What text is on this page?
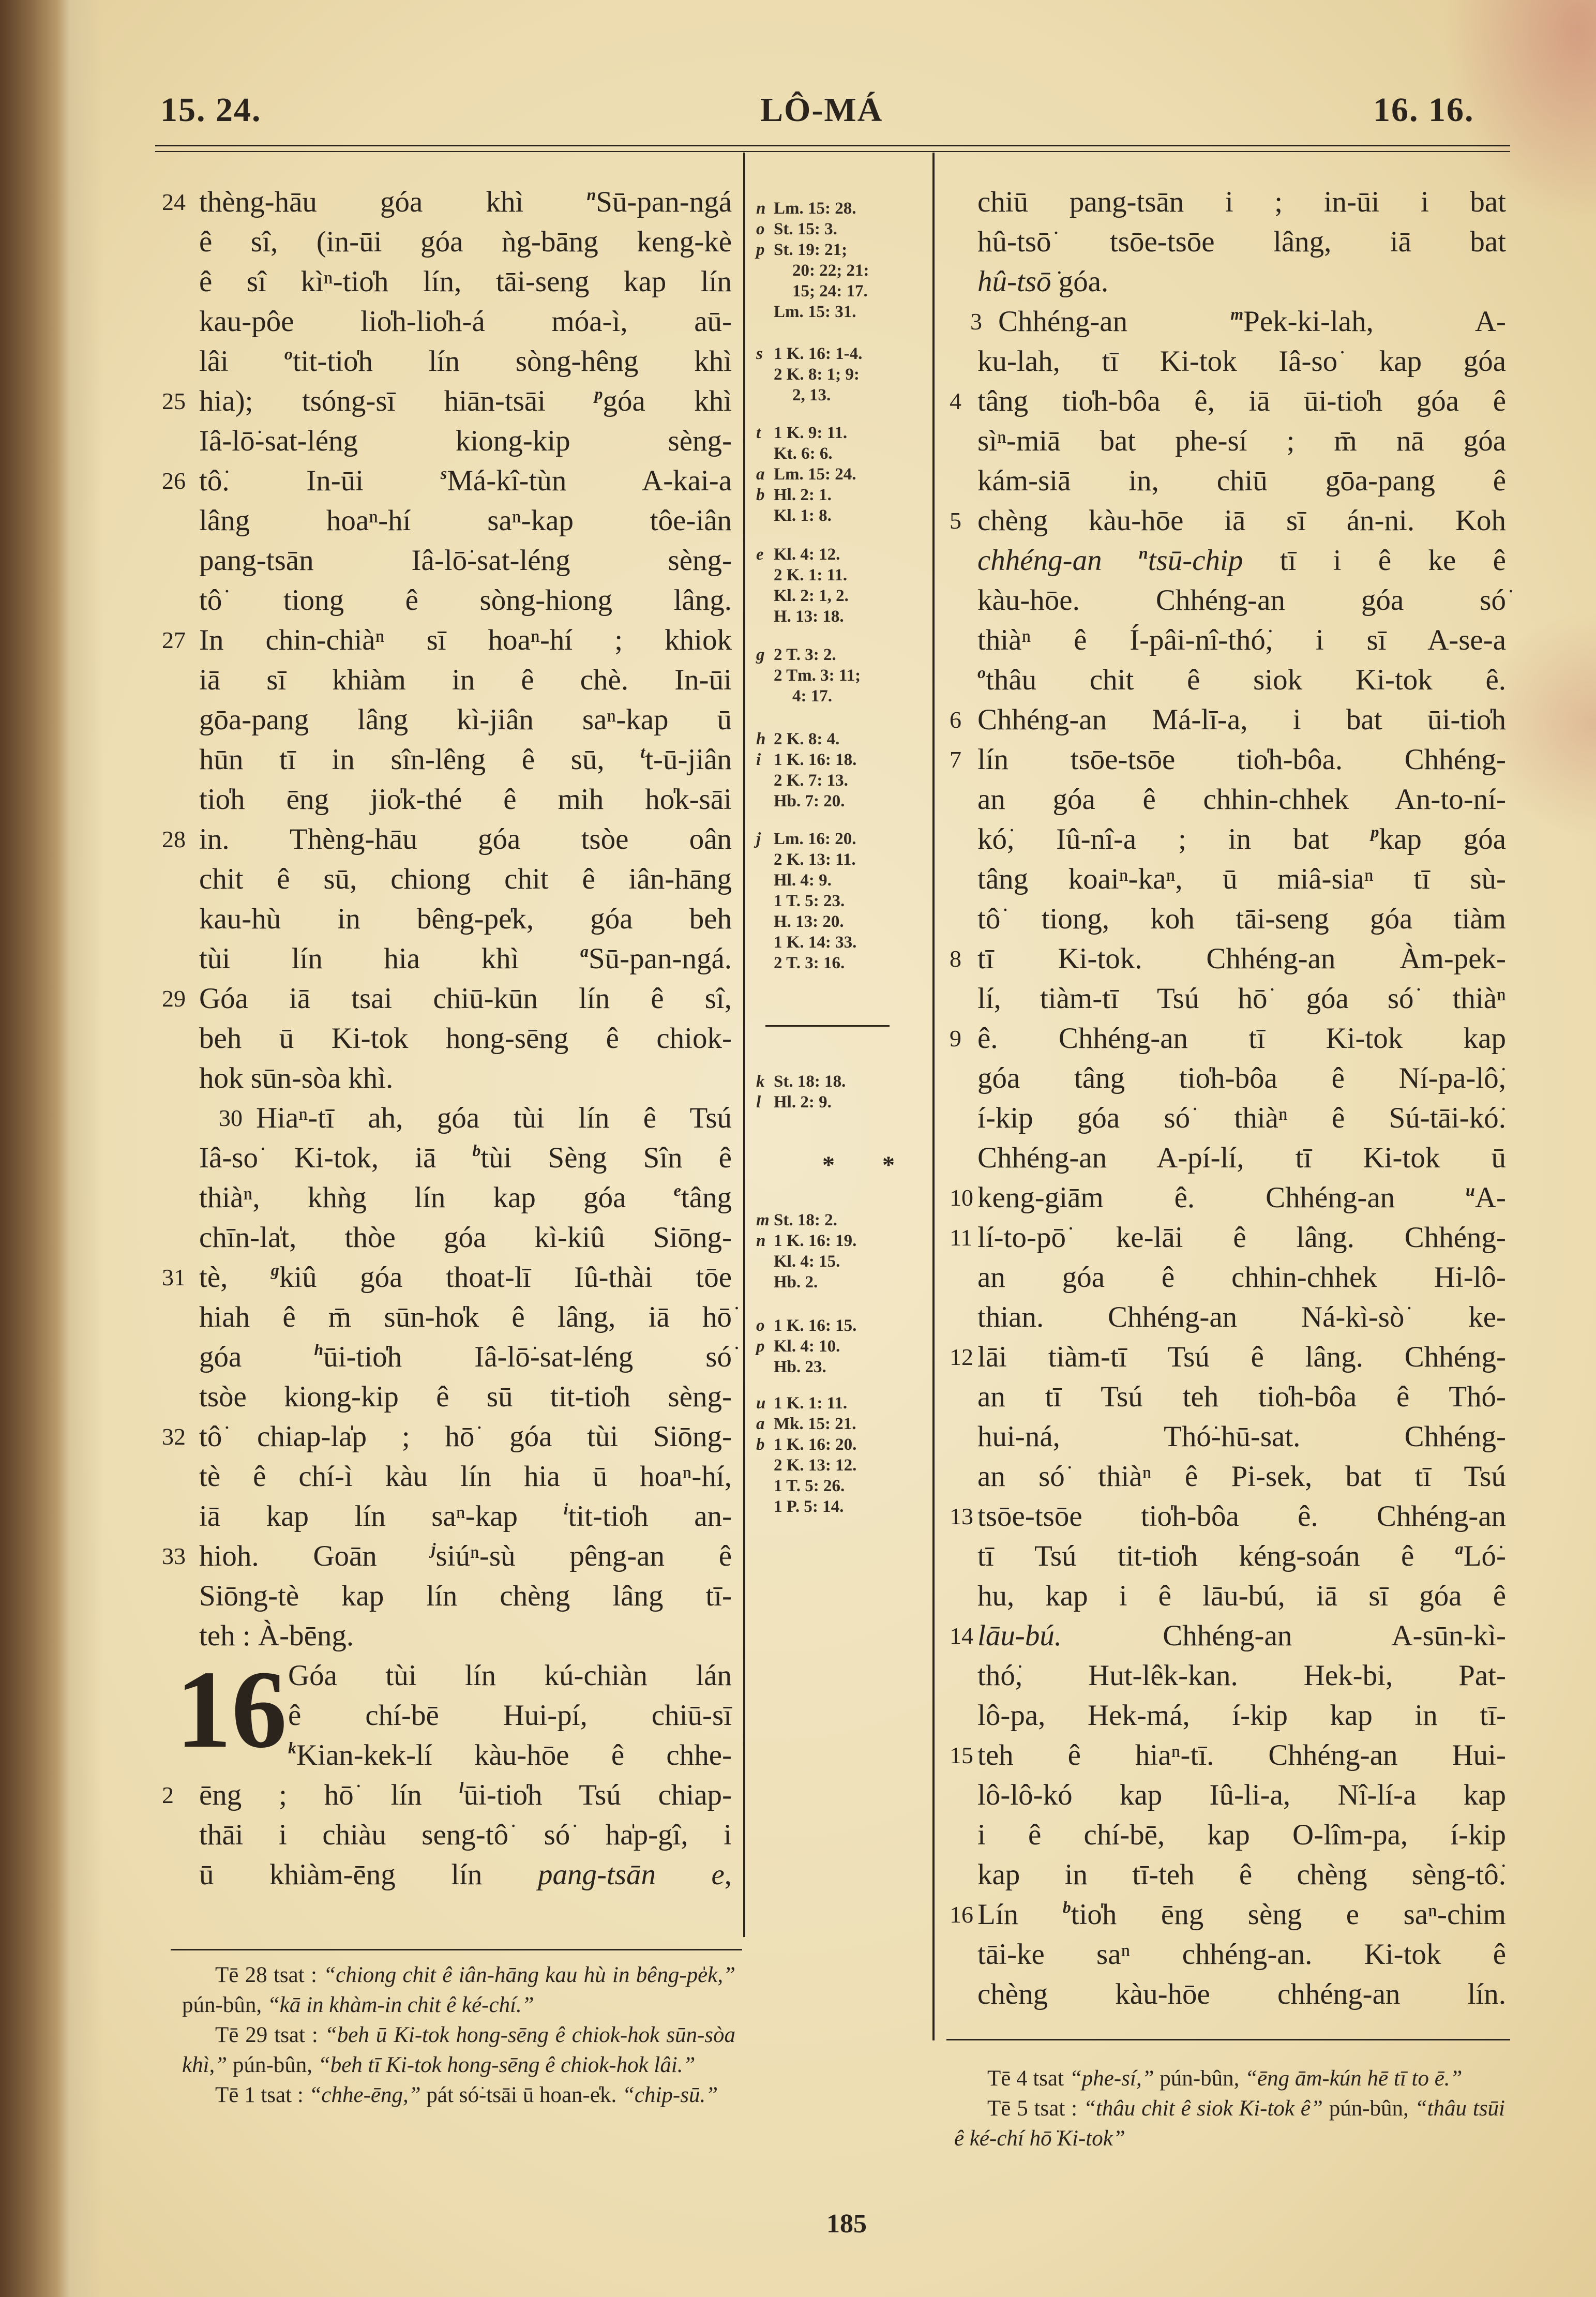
15. 24.	LÔ-MÁ	16. 16.
24 thèng-hāu góa khì $^n$Sū-pan-ngá
ê sî, (in-ūi góa ǹg-bāng keng-kè
ê sî kìⁿ-tio̍h lín, tāi-seng kap lín
kau-pôe lio̍h-lio̍h-á móa-ì, aū-
lâi $^o$tit-tio̍h lín sòng-hêng khì
25 hia); tsóng-sī hiān-tsāi $^p$góa khì
Iâ-lō͘-sat-léng kiong-kip sèng-
26 tô͘. In-ūi $^s$Má-kî-tùn A-kai-a
lâng hoaⁿ-hí saⁿ-kap tôe-iân
pang-tsān Iâ-lō͘-sat-léng sèng-
tô͘ tiong ê sòng-hiong lâng.
27 In chin-chiàⁿ sī hoaⁿ-hí ; khiok
iā sī khiàm in ê chè. In-ūi
gōa-pang lâng kì-jiân saⁿ-kap ū
hūn tī in sîn-lêng ê sū, $^t$t-ū-jiân
tio̍h ēng jio̍k-thé ê mih ho̍k-sāi
28 in. Thèng-hāu góa tsòe oân
chit ê sū, chiong chit ê iân-hāng
kau-hù in bêng-pe̍k, góa beh
tùi lín hia khì $^a$Sū-pan-ngá.
29 Góa iā tsai chiū-kūn lín ê sî,
beh ū Ki-tok hong-sēng ê chiok-
hok sūn-sòa khì.
30 Hiaⁿ-tī ah, góa tùi lín ê Tsú
Iâ-so͘ Ki-tok, iā $^b$tùi Sèng Sîn ê
thiàⁿ, khǹg lín kap góa $^e$tâng
chīn-la̍t, thòe góa kì-kiû Siōng-
31 tè, $^g$kiû góa thoat-lī Iû-thài tōe
hiah ê m̄ sūn-ho̍k ê lâng, iā hō͘
góa $^h$ūi-tio̍h Iâ-lō͘-sat-léng só͘
tsòe kiong-kip ê sū tit-tio̍h sèng-
32 tô͘ chiap-la̍p ; hō͘ góa tùi Siōng-
tè ê chí-ì kàu lín hia ū hoaⁿ-hí,
iā kap lín saⁿ-kap $^i$tit-tio̍h an-
33 hioh. Goān $^j$siúⁿ-sù pêng-an ê
Siōng-tè kap lín chèng lâng tī-
teh : À-bēng.
Góa tùi lín kú-chiàn lán
ê chí-bē Hui-pí, chiū-sī
$^k$Kian-kek-lí kàu-hōe ê chhe-
2 ēng ; hō͘ lín $^l$ūi-tio̍h Tsú chiap-
thāi i chiàu seng-tô͘ só͘ ha̍p-gî, i
ū khiàm-ēng lín pang-tsān e,
chiū pang-tsān i ; in-ūi i bat
hû-tsō͘ tsōe-tsōe lâng, iā bat
hû-tsō͘ góa.
3 Chhéng-an $^m$Pek-ki-lah, A-
ku-lah, tī Ki-tok Iâ-so͘ kap góa
4 tâng tio̍h-bôa ê, iā ūi-tio̍h góa ê
sìⁿ-miā bat phe-sí ; m̄ nā góa
kám-siā in, chiū gōa-pang ê
5 chèng kàu-hōe iā sī án-ni. Koh
chhéng-an $^n$tsū-chip tī i ê ke ê
kàu-hōe. Chhéng-an góa só͘
thiàⁿ ê Í-pâi-nî-thó͘, i sī A-se-a
$^o$thâu chit ê siok Ki-tok ê.
6 Chhéng-an Má-lī-a, i bat ūi-tio̍h
7 lín tsōe-tsōe tio̍h-bôa. Chhéng-
an góa ê chhin-chhek An-to-ní-
kó͘, Iû-nî-a ; in bat $^p$kap góa
tâng koaiⁿ-kaⁿ, ū miâ-siaⁿ tī sù-
tô͘ tiong, koh tāi-seng góa tiàm
8 tī Ki-tok. Chhéng-an Àm-pek-
lí, tiàm-tī Tsú hō͘ góa só͘ thiàⁿ
9 ê. Chhéng-an tī Ki-tok kap
góa tâng tio̍h-bôa ê Ní-pa-lô͘,
í-kip góa só͘ thiàⁿ ê Sú-tāi-kó͘.
Chhéng-an A-pí-lí, tī Ki-tok ū
10 keng-giām ê. Chhéng-an $^u$A-
11 lí-to-pō͘ ke-lāi ê lâng. Chhéng-
an góa ê chhin-chhek Hi-lô-
thian. Chhéng-an Ná-kì-sò͘ ke-
12 lāi tiàm-tī Tsú ê lâng. Chhéng-
an tī Tsú teh tio̍h-bôa ê Thó-
hui-ná, Thó͘-hū-sat. Chhéng-
an só͘ thiàⁿ ê Pi-sek, bat tī Tsú
13 tsōe-tsōe tio̍h-bôa ê. Chhéng-an
tī Tsú tit-tio̍h kéng-soán ê $^a$Ló͘-
hu, kap i ê lāu-bú, iā sī góa ê
14 lāu-bú. Chhéng-an A-sūn-kì-
thó͘, Hut-lêk-kan. Hek-bi, Pat-
lô-pa, Hek-má, í-kip kap in tī-
15 teh ê hiaⁿ-tī. Chhéng-an Hui-
lô-lô-kó kap Iû-li-a, Nî-lí-a kap
i ê chí-bē, kap O-lîm-pa, í-kip
kap in tī-teh ê chèng sèng-tô͘.
16 Lín $^b$tio̍h ēng sèng e saⁿ-chim
tāi-ke saⁿ chhéng-an. Ki-tok ê
chèng kàu-hōe chhéng-an lín.
16
n Lm. 15: 28.
o St. 15: 3.
p St. 19: 21;
20: 22; 21:
15; 24: 17.
Lm. 15: 31.
s 1 K. 16: 1-4.
2 K. 8: 1; 9:
2, 13.
t 1 K. 9: 11.
Kt. 6: 6.
a Lm. 15: 24.
b Hl. 2: 1.
Kl. 1: 8.
e Kl. 4: 12.
2 K. 1: 11.
Kl. 2: 1, 2.
H. 13: 18.
g 2 T. 3: 2.
2 Tm. 3: 11;
4: 17.
h 2 K. 8: 4.
i 1 K. 16: 18.
2 K. 7: 13.
Hb. 7: 20.
j Lm. 16: 20.
2 K. 13: 11.
Hl. 4: 9.
1 T. 5: 23.
H. 13: 20.
1 K. 14: 33.
2 T. 3: 16.
k St. 18: 18.
l Hl. 2: 9.
m St. 18: 2.
n 1 K. 16: 19.
Kl. 4: 15.
Hb. 2.
o 1 K. 16: 15.
p Kl. 4: 10.
Hb. 23.
u 1 K. 1: 11.
a Mk. 15: 21.
b 1 K. 16: 20.
2 K. 13: 12.
1 T. 5: 26.
1 P. 5: 14.
* *

Tē 28 tsat : “chiong chit ê iân-hāng kau hù in bêng-pe̍k,” pún-bûn, “kā in khàm-in chit ê ké-chí.”

Tē 29 tsat : “beh ū Ki-tok hong-sēng ê chiok-hok sūn-sòa khì,” pún-bûn, “beh tī Ki-tok hong-sēng ê chiok-hok lâi.”

Tē 1 tsat : “chhe-ēng,” pát só͘-tsāi ū hoan-e̍k. “chip-sū.”

Tē 4 tsat “phe-sí,” pún-bûn, “ēng ām-kún hē tī to ē.”

Tē 5 tsat : “thâu chit ê siok Ki-tok ê” pún-bûn, “thâu tsūi ê ké-chí hō͘ Ki-tok”

185
